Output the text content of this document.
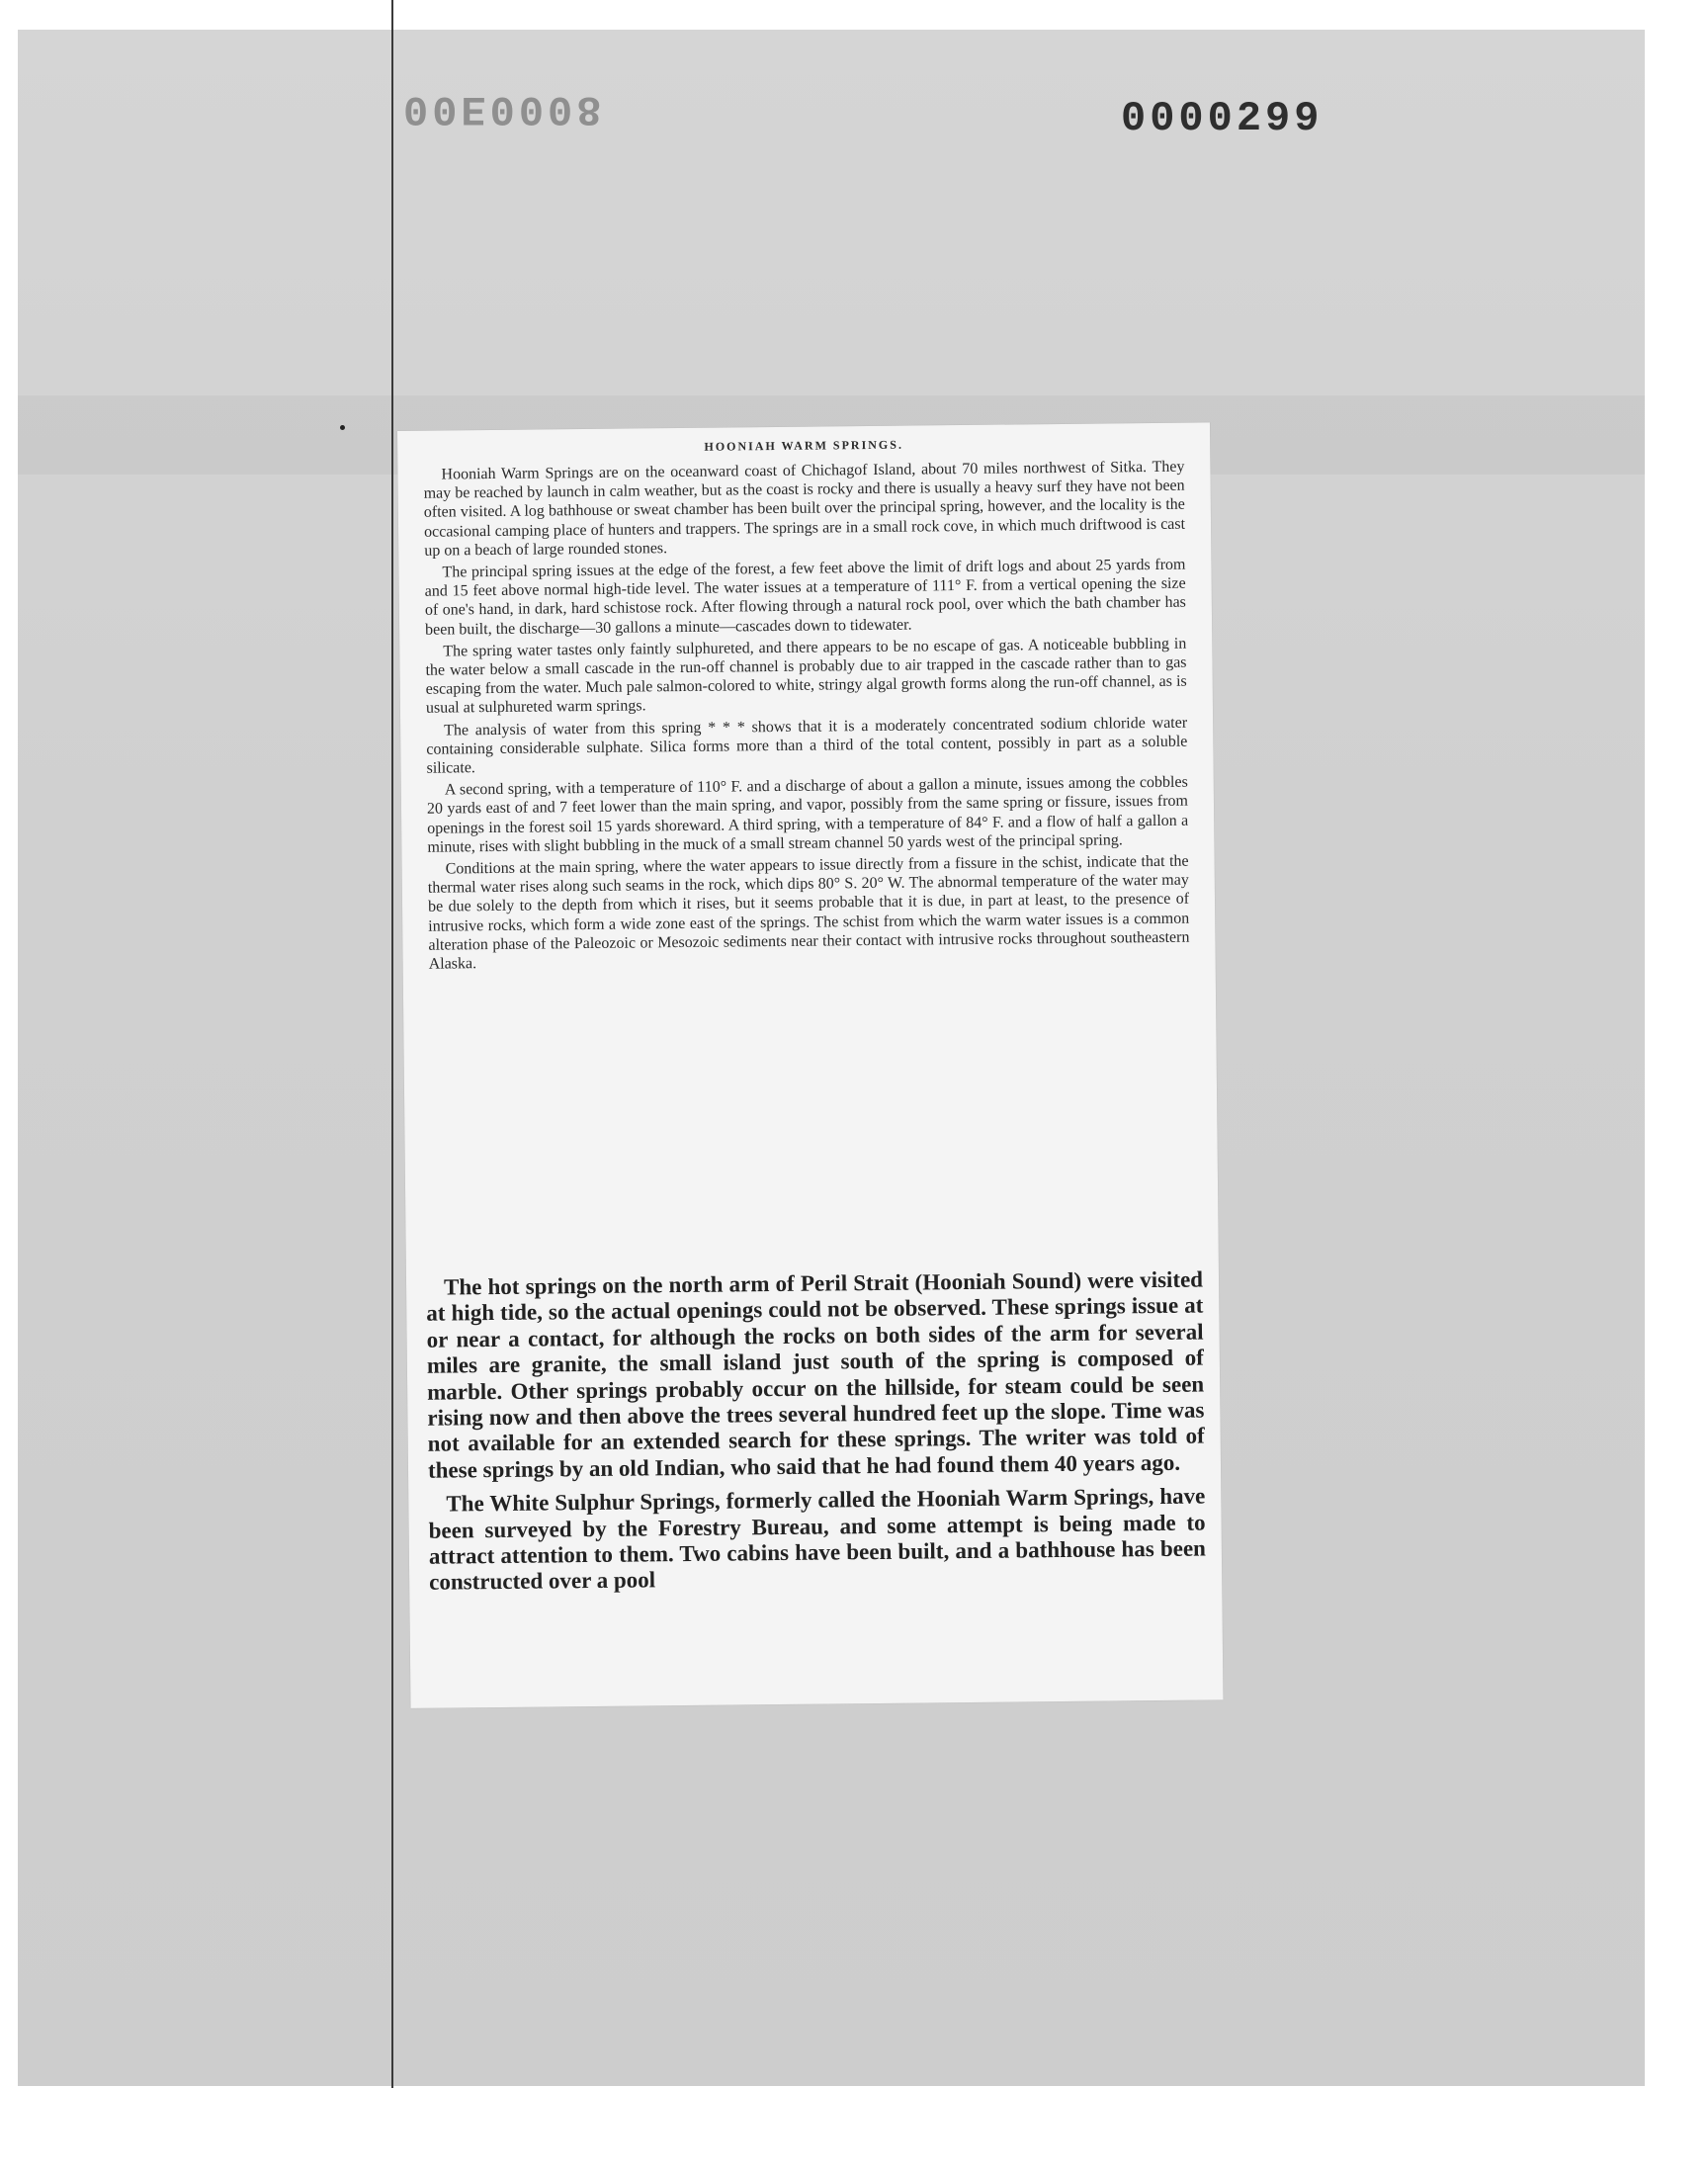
00E0008	0000299
HOONIAH WARM SPRINGS.

Hooniah Warm Springs are on the oceanward coast of Chichagof Island, about 70 miles northwest of Sitka. They may be reached by launch in calm weather, but as the coast is rocky and there is usually a heavy surf they have not been often visited. A log bathhouse or sweat chamber has been built over the principal spring, however, and the locality is the occasional camping place of hunters and trappers. The springs are in a small rock cove, in which much driftwood is cast up on a beach of large rounded stones.

The principal spring issues at the edge of the forest, a few feet above the limit of drift logs and about 25 yards from and 15 feet above normal high-tide level. The water issues at a temperature of 111° F. from a vertical opening the size of one's hand, in dark, hard schistose rock. After flowing through a natural rock pool, over which the bath chamber has been built, the discharge—30 gallons a minute—cascades down to tidewater.

The spring water tastes only faintly sulphureted, and there appears to be no escape of gas. A noticeable bubbling in the water below a small cascade in the run-off channel is probably due to air trapped in the cascade rather than to gas escaping from the water. Much pale salmon-colored to white, stringy algal growth forms along the run-off channel, as is usual at sulphureted warm springs.

The analysis of water from this spring * * * shows that it is a moderately concentrated sodium chloride water containing considerable sulphate. Silica forms more than a third of the total content, possibly in part as a soluble silicate.

A second spring, with a temperature of 110° F. and a discharge of about a gallon a minute, issues among the cobbles 20 yards east of and 7 feet lower than the main spring, and vapor, possibly from the same spring or fissure, issues from openings in the forest soil 15 yards shoreward. A third spring, with a temperature of 84° F. and a flow of half a gallon a minute, rises with slight bubbling in the muck of a small stream channel 50 yards west of the principal spring.

Conditions at the main spring, where the water appears to issue directly from a fissure in the schist, indicate that the thermal water rises along such seams in the rock, which dips 80° S. 20° W. The abnormal temperature of the water may be due solely to the depth from which it rises, but it seems probable that it is due, in part at least, to the presence of intrusive rocks, which form a wide zone east of the springs. The schist from which the warm water issues is a common alteration phase of the Paleozoic or Mesozoic sediments near their contact with intrusive rocks throughout southeastern Alaska.

The hot springs on the north arm of Peril Strait (Hooniah Sound) were visited at high tide, so the actual openings could not be observed. These springs issue at or near a contact, for although the rocks on both sides of the arm for several miles are granite, the small island just south of the spring is composed of marble. Other springs probably occur on the hillside, for steam could be seen rising now and then above the trees several hundred feet up the slope. Time was not available for an extended search for these springs. The writer was told of these springs by an old Indian, who said that he had found them 40 years ago.

The White Sulphur Springs, formerly called the Hooniah Warm Springs, have been surveyed by the Forestry Bureau, and some attempt is being made to attract attention to them. Two cabins have been built, and a bathhouse has been constructed over a pool
